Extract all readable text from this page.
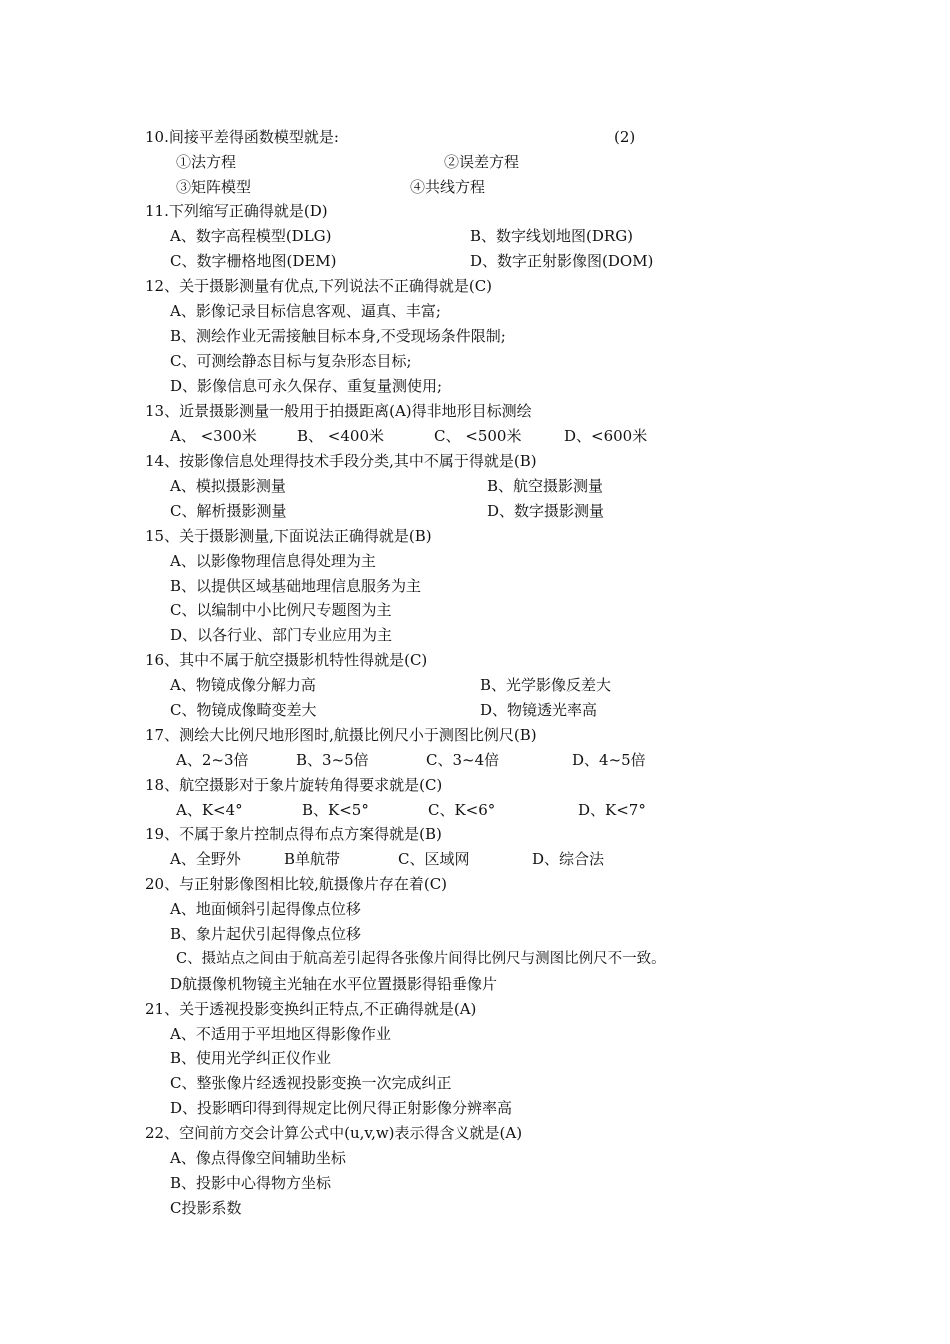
10.间接平差得函数模型就是:	(2)
①法方程	②误差方程
③矩阵模型	④共线方程
11.下列缩写正确得就是(D)
A、数字高程模型(DLG)	B、数字线划地图(DRG)
C、数字栅格地图(DEM)	D、数字正射影像图(DOM)
12、关于摄影测量有优点,下列说法不正确得就是(C)
A、影像记录目标信息客观、逼真、丰富;
B、测绘作业无需接触目标本身,不受现场条件限制;
C、可测绘静态目标与复杂形态目标;
D、影像信息可永久保存、重复量测使用;
13、近景摄影测量一般用于拍摄距离(A)得非地形目标测绘
A、 <300米	B、 <400米	C、 <500米	D、<600米
14、按影像信息处理得技术手段分类,其中不属于得就是(B)
A、模拟摄影测量	B、航空摄影测量
C、解析摄影测量	D、数字摄影测量
15、关于摄影测量,下面说法正确得就是(B)
A、以影像物理信息得处理为主
B、以提供区域基础地理信息服务为主
C、以编制中小比例尺专题图为主
D、以各行业、部门专业应用为主
16、其中不属于航空摄影机特性得就是(C)
A、物镜成像分解力高	B、光学影像反差大
C、物镜成像畸变差大	D、物镜透光率高
17、测绘大比例尺地形图时,航摄比例尺小于测图比例尺(B)
A、2~3倍	B、3~5倍	C、3~4倍	D、4~5倍
18、航空摄影对于象片旋转角得要求就是(C)
A、K<4°	B、K<5°	C、K<6°	D、K<7°
19、不属于象片控制点得布点方案得就是(B)
A、全野外	B单航带	C、区域网	D、综合法
20、与正射影像图相比较,航摄像片存在着(C)
A、地面倾斜引起得像点位移
B、象片起伏引起得像点位移
C、摄站点之间由于航高差引起得各张像片间得比例尺与测图比例尺不一致。
D航摄像机物镜主光轴在水平位置摄影得铅垂像片
21、关于透视投影变换纠正特点,不正确得就是(A)
A、不适用于平坦地区得影像作业
B、使用光学纠正仪作业
C、整张像片经透视投影变换一次完成纠正
D、投影晒印得到得规定比例尺得正射影像分辨率高
22、空间前方交会计算公式中(u,v,w)表示得含义就是(A)
A、像点得像空间辅助坐标
B、投影中心得物方坐标
C投影系数
